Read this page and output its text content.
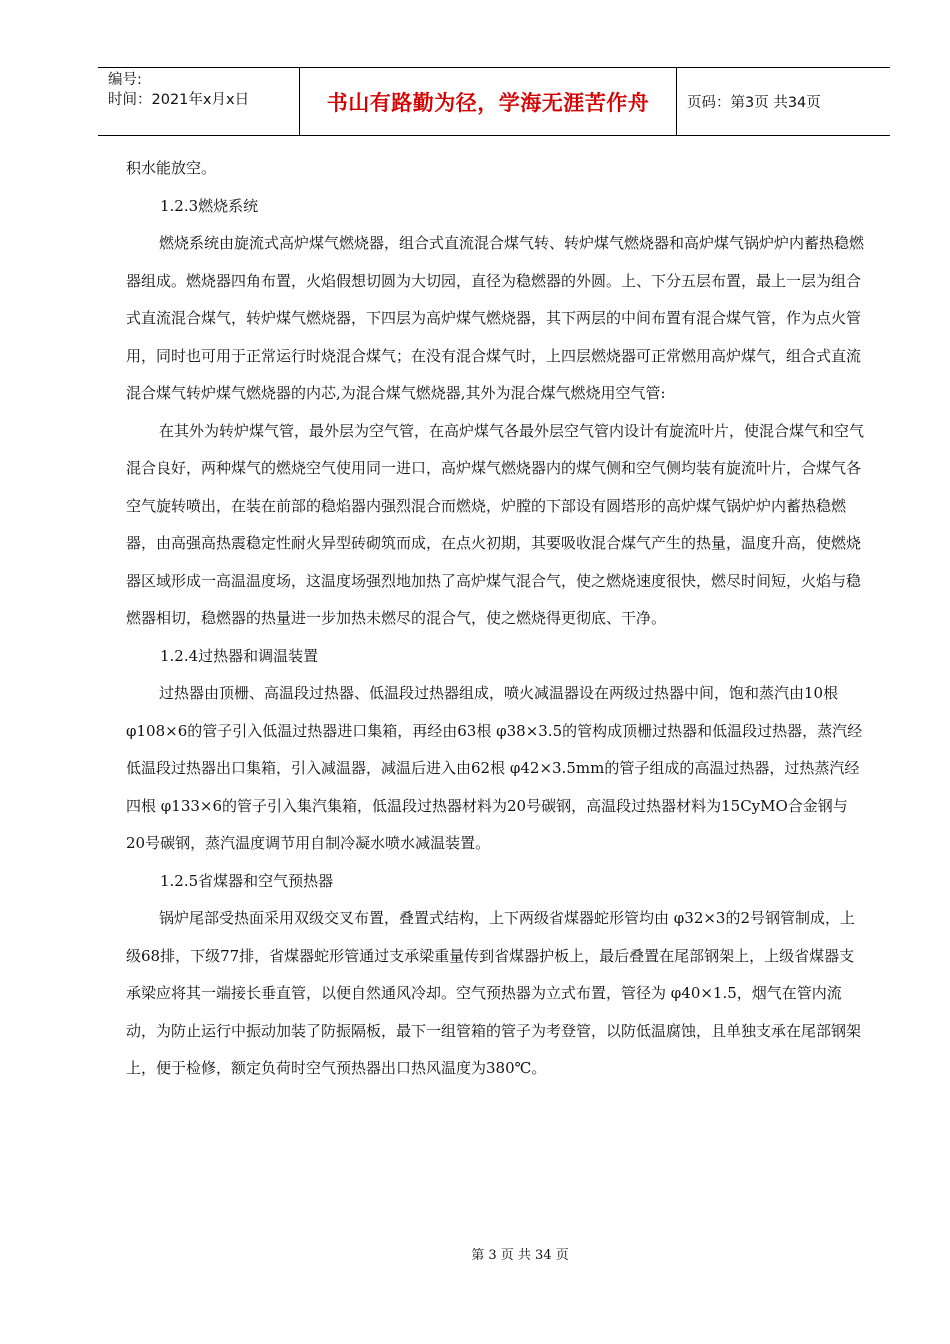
编号:
时间：2021年x月x日	书山有路勤为径，学海无涯苦作舟	页码：第3页 共34页

积水能放空。

1.2.3燃烧系统

燃烧系统由旋流式高炉煤气燃烧器，组合式直流混合煤气转、转炉煤气燃烧器和高炉煤气锅炉炉内蓄热稳燃器组成。燃烧器四角布置，火焰假想切圆为大切园，直径为稳燃器的外圆。上、下分五层布置，最上一层为组合式直流混合煤气，转炉煤气燃烧器，下四层为高炉煤气燃烧器，其下两层的中间布置有混合煤气管，作为点火管用，同时也可用于正常运行时烧混合煤气；在没有混合煤气时，上四层燃烧器可正常燃用高炉煤气，组合式直流混合煤气转炉煤气燃烧器的内芯,为混合煤气燃烧器,其外为混合煤气燃烧用空气管:

在其外为转炉煤气管，最外层为空气管，在高炉煤气各最外层空气管内设计有旋流叶片，使混合煤气和空气混合良好，两种煤气的燃烧空气使用同一进口，高炉煤气燃烧器内的煤气侧和空气侧均装有旋流叶片，合煤气各空气旋转喷出，在装在前部的稳焰器内强烈混合而燃烧，炉膛的下部设有圆塔形的高炉煤气锅炉炉内蓄热稳燃器，由高强高热震稳定性耐火异型砖砌筑而成，在点火初期，其要吸收混合煤气产生的热量，温度升高，使燃烧器区域形成一高温温度场，这温度场强烈地加热了高炉煤气混合气，使之燃烧速度很快，燃尽时间短，火焰与稳燃器相切，稳燃器的热量进一步加热未燃尽的混合气，使之燃烧得更彻底、干净。

1.2.4过热器和调温装置

过热器由顶栅、高温段过热器、低温段过热器组成，喷火减温器设在两级过热器中间，饱和蒸汽由10根 φ108×6的管子引入低温过热器进口集箱，再经由63根 φ38×3.5的管构成顶栅过热器和低温段过热器，蒸汽经低温段过热器出口集箱，引入减温器，减温后进入由62根 φ42×3.5mm的管子组成的高温过热器，过热蒸汽经四根 φ133×6的管子引入集汽集箱，低温段过热器材料为20号碳钢，高温段过热器材料为15CyMO合金钢与20号碳钢，蒸汽温度调节用自制冷凝水喷水减温装置。

1.2.5省煤器和空气预热器

锅炉尾部受热面采用双级交叉布置，叠置式结构，上下两级省煤器蛇形管均由 φ32×3的2号钢管制成，上级68排，下级77排，省煤器蛇形管通过支承梁重量传到省煤器护板上，最后叠置在尾部钢架上，上级省煤器支承梁应将其一端接长垂直管，以便自然通风冷却。空气预热器为立式布置，管径为 φ40×1.5，烟气在管内流动，为防止运行中振动加装了防振隔板，最下一组管箱的管子为考登管，以防低温腐蚀，且单独支承在尾部钢架上，便于检修，额定负荷时空气预热器出口热风温度为380℃。

第 3 页 共 34 页
